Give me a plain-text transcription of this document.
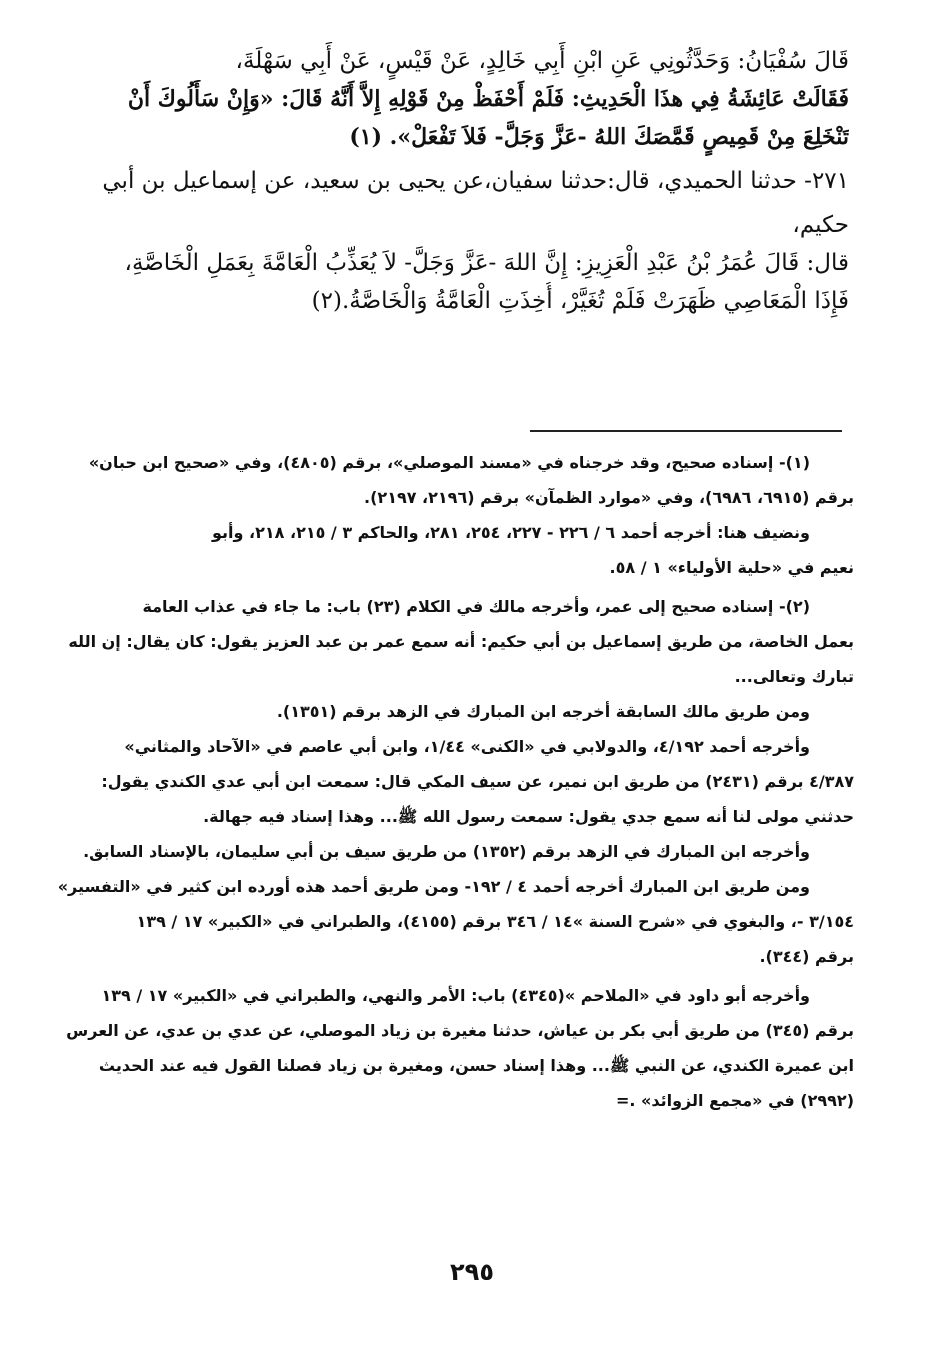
قَالَ سُفْيَانُ: وَحَدَّثُونِي عَنِ ابْنِ أَبِي خَالِدٍ، عَنْ قَيْسٍ، عَنْ أَبِي سَهْلَةَ،
فَقَالَتْ عَائِشَةُ فِي هذَا الْحَدِيثِ: فَلَمْ أَحْفَظْ مِنْ قَوْلِهِ إِلاَّ أَنَّهُ قَالَ: «وَإِنْ سَأَلُوكَ أَنْ
تَنْخَلِعَ مِنْ قَمِيصٍ قَمَّصَكَ اللهُ -عَزَّ وَجَلَّ- فَلاَ تَفْعَلْ». (١)
٢٧١- حدثنا الحميدي، قال:حدثنا سفيان،عن يحيى بن سعيد، عن إسماعيل بن أبي
حكيم،
قال: قَالَ عُمَرُ بْنُ عَبْدِ الْعَزِيزِ: إِنَّ اللهَ -عَزَّ وَجَلَّ- لاَ يُعَذِّبُ الْعَامَّةَ بِعَمَلِ الْخَاصَّةِ،
فَإِذَا الْمَعَاصِي ظَهَرَتْ فَلَمْ تُغَيَّرْ، أُخِذَتِ الْعَامَّةُ وَالْخَاصَّةُ.(٢)
(١)- إسناده صحيح، وقد خرجناه في «مسند الموصلي»، برقم (٤٨٠٥)، وفي «صحيح ابن حبان»
برقم (٦٩١٥، ٦٩٨٦)، وفي «موارد الظمآن» برقم (٢١٩٦، ٢١٩٧).
ونضيف هنا: أخرجه أحمد ٦ / ٢٢٦ - ٢٢٧، ٢٥٤، ٢٨١، والحاكم ٣ / ٢١٥، ٢١٨، وأبو
نعيم في «حلية الأولياء» ١ / ٥٨.
(٢)- إسناده صحيح إلى عمر، وأخرجه مالك في الكلام (٢٣) باب: ما جاء في عذاب العامة
بعمل الخاصة، من طريق إسماعيل بن أبي حكيم: أنه سمع عمر بن عبد العزيز يقول: كان يقال: إن الله
تبارك وتعالى...
ومن طريق مالك السابقة أخرجه ابن المبارك في الزهد برقم (١٣٥١).
وأخرجه أحمد ٤/١٩٢، والدولابي في «الكنى» ١/٤٤، وابن أبي عاصم في «الآحاد والمثاني»
٤/٣٨٧ برقم (٢٤٣١) من طريق ابن نمير، عن سيف المكي قال: سمعت ابن أبي عدي الكندي يقول:
حدثني مولى لنا أنه سمع جدي يقول: سمعت رسول الله ﷺ... وهذا إسناد فيه جهالة.
وأخرجه ابن المبارك في الزهد برقم (١٣٥٢) من طريق سيف بن أبي سليمان، بالإسناد السابق.
ومن طريق ابن المبارك أخرجه أحمد ٤ / ١٩٢- ومن طريق أحمد هذه أورده ابن كثير في «التفسير»
٣/١٥٤ -، والبغوي في «شرح السنة »١٤ / ٣٤٦ برقم (٤١٥٥)، والطبراني في «الكبير» ١٧ / ١٣٩
برقم (٣٤٤).
وأخرجه أبو داود في «الملاحم »(٤٣٤٥) باب: الأمر والنهي، والطبراني في «الكبير» ١٧ / ١٣٩
برقم (٣٤٥) من طريق أبي بكر بن عياش، حدثنا مغيرة بن زياد الموصلي، عن عدي بن عدي، عن العرس
ابن عميرة الكندي، عن النبي ﷺ... وهذا إسناد حسن، ومغيرة بن زياد فصلنا القول فيه عند الحديث
(٢٩٩٢) في «مجمع الزوائد» .=
٢٩٥
